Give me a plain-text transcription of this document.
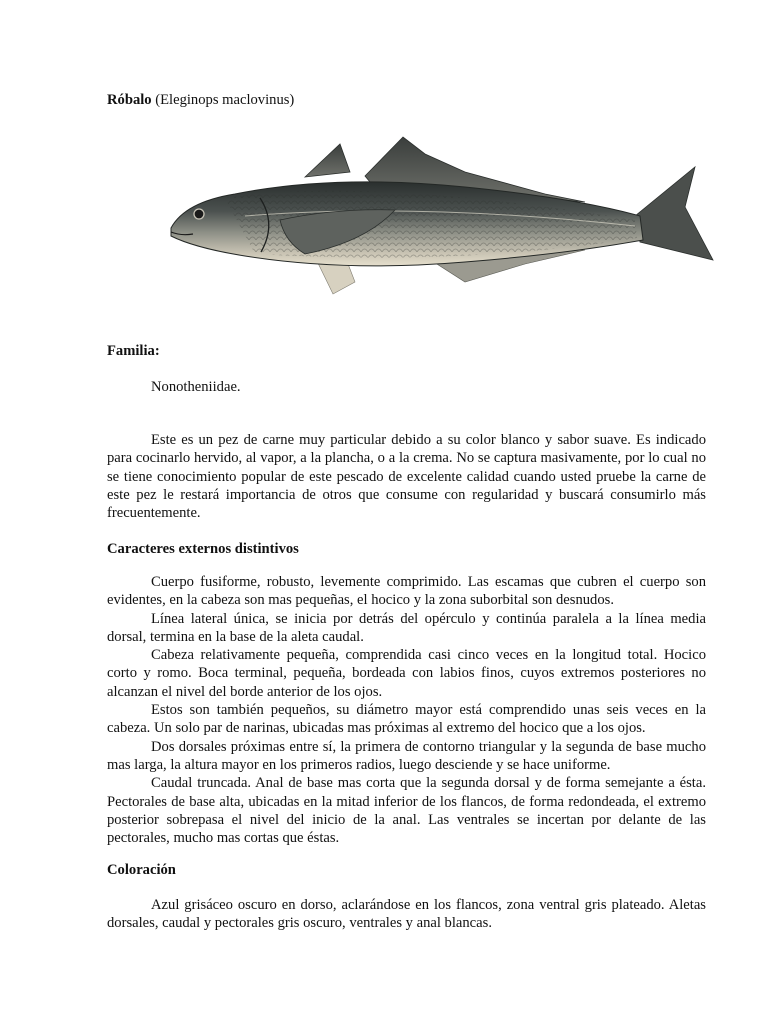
Róbalo (Eleginops maclovinus)
Familia:
Nonotheniidae.

Este es un pez de carne muy particular debido a su color blanco y sabor suave. Es indicado para cocinarlo hervido, al vapor, a la plancha, o a la crema. No se captura masivamente, por lo cual no se tiene conocimiento popular de este pescado de excelente calidad cuando usted pruebe la carne de este pez le restará importancia de otros que consume con regularidad y buscará consumirlo más frecuentemente.

Caracteres externos distintivos

Cuerpo fusiforme, robusto, levemente comprimido. Las escamas que cubren el cuerpo son evidentes, en la cabeza son mas pequeñas, el hocico y la zona suborbital son desnudos.

Línea lateral única, se inicia por detrás del opérculo y continúa paralela a la línea media dorsal, termina en la base de la aleta caudal.

Cabeza relativamente pequeña, comprendida casi cinco veces en la longitud total. Hocico corto y romo. Boca terminal, pequeña, bordeada con labios finos, cuyos extremos posteriores no alcanzan el nivel del borde anterior de los ojos.

Estos son también pequeños, su diámetro mayor está comprendido unas seis veces en la cabeza. Un solo par de narinas, ubicadas mas próximas al extremo del hocico que a los ojos.

Dos dorsales próximas entre sí, la primera de contorno triangular y la segunda de base mucho mas larga, la altura mayor en los primeros radios, luego desciende y se hace uniforme.

Caudal truncada. Anal de base mas corta que la segunda dorsal y de forma semejante a ésta. Pectorales de base alta, ubicadas en la mitad inferior de los flancos, de forma redondeada, el extremo posterior sobrepasa el nivel del inicio de la anal. Las ventrales se incertan por delante de las pectorales, mucho mas cortas que éstas.

Coloración

Azul grisáceo oscuro en dorso, aclarándose en los flancos, zona ventral gris plateado. Aletas dorsales, caudal y pectorales gris oscuro, ventrales y anal blancas.
